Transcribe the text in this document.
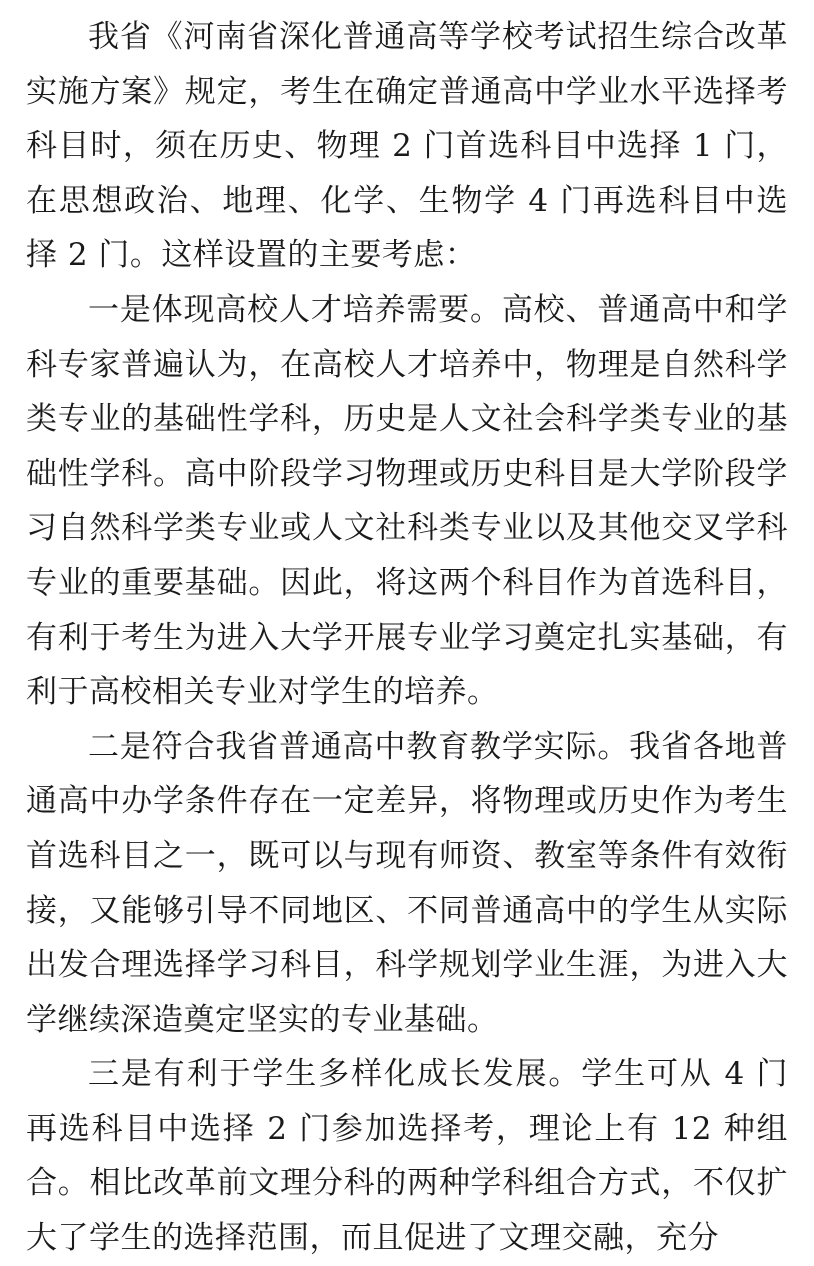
我省《河南省深化普通高等学校考试招生综合改革实施方案》规定，考生在确定普通高中学业水平选择考科目时，须在历史、物理 2 门首选科目中选择 1 门，在思想政治、地理、化学、生物学 4 门再选科目中选择 2 门。这样设置的主要考虑：

一是体现高校人才培养需要。高校、普通高中和学科专家普遍认为，在高校人才培养中，物理是自然科学类专业的基础性学科，历史是人文社会科学类专业的基础性学科。高中阶段学习物理或历史科目是大学阶段学习自然科学类专业或人文社科类专业以及其他交叉学科专业的重要基础。因此，将这两个科目作为首选科目，有利于考生为进入大学开展专业学习奠定扎实基础，有利于高校相关专业对学生的培养。

二是符合我省普通高中教育教学实际。我省各地普通高中办学条件存在一定差异，将物理或历史作为考生首选科目之一，既可以与现有师资、教室等条件有效衔接，又能够引导不同地区、不同普通高中的学生从实际出发合理选择学习科目，科学规划学业生涯，为进入大学继续深造奠定坚实的专业基础。

三是有利于学生多样化成长发展。学生可从 4 门再选科目中选择 2 门参加选择考，理论上有 12 种组合。相比改革前文理分科的两种学科组合方式，不仅扩大了学生的选择范围，而且促进了文理交融，充分
